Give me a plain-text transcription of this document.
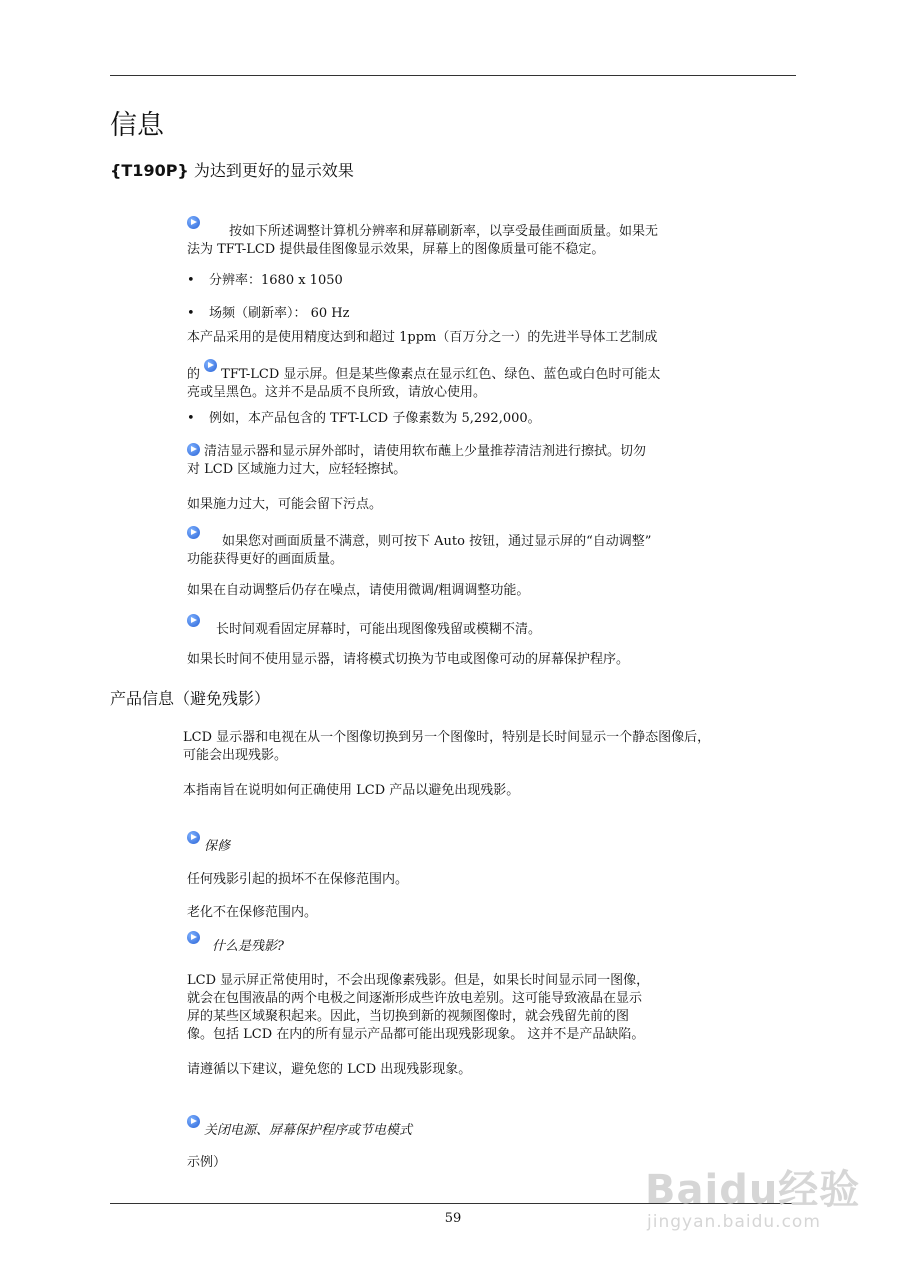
信息
{T190P} 为达到更好的显示效果
按如下所述调整计算机分辨率和屏幕刷新率，以享受最佳画面质量。如果无
法为 TFT-LCD 提供最佳图像显示效果，屏幕上的图像质量可能不稳定。
• 分辨率：1680 x 1050
• 场频（刷新率）： 60 Hz
本产品采用的是使用精度达到和超过 1ppm（百万分之一）的先进半导体工艺制成
的 TFT-LCD 显示屏。但是某些像素点在显示红色、绿色、蓝色或白色时可能太
亮或呈黑色。这并不是品质不良所致，请放心使用。
• 例如，本产品包含的 TFT-LCD 子像素数为 5,292,000。
清洁显示器和显示屏外部时，请使用软布蘸上少量推荐清洁剂进行擦拭。切勿
对 LCD 区域施力过大，应轻轻擦拭。
如果施力过大，可能会留下污点。
如果您对画面质量不满意，则可按下 Auto 按钮，通过显示屏的“自动调整”
功能获得更好的画面质量。
如果在自动调整后仍存在噪点，请使用微调/粗调调整功能。
长时间观看固定屏幕时，可能出现图像残留或模糊不清。
如果长时间不使用显示器，请将模式切换为节电或图像可动的屏幕保护程序。
产品信息（避免残影）
LCD 显示器和电视在从一个图像切换到另一个图像时，特别是长时间显示一个静态图像后，
可能会出现残影。
本指南旨在说明如何正确使用 LCD 产品以避免出现残影。
保修
任何残影引起的损坏不在保修范围内。
老化不在保修范围内。
什么是残影?
LCD 显示屏正常使用时，不会出现像素残影。但是，如果长时间显示同一图像，
就会在包围液晶的两个电极之间逐渐形成些许放电差别。这可能导致液晶在显示
屏的某些区域聚积起来。因此，当切换到新的视频图像时，就会残留先前的图
像。包括 LCD 在内的所有显示产品都可能出现残影现象。 这并不是产品缺陷。
请遵循以下建议，避免您的 LCD 出现残影现象。
关闭电源、屏幕保护程序或节电模式
示例）
59
Baidu经验
jingyan.baidu.com
